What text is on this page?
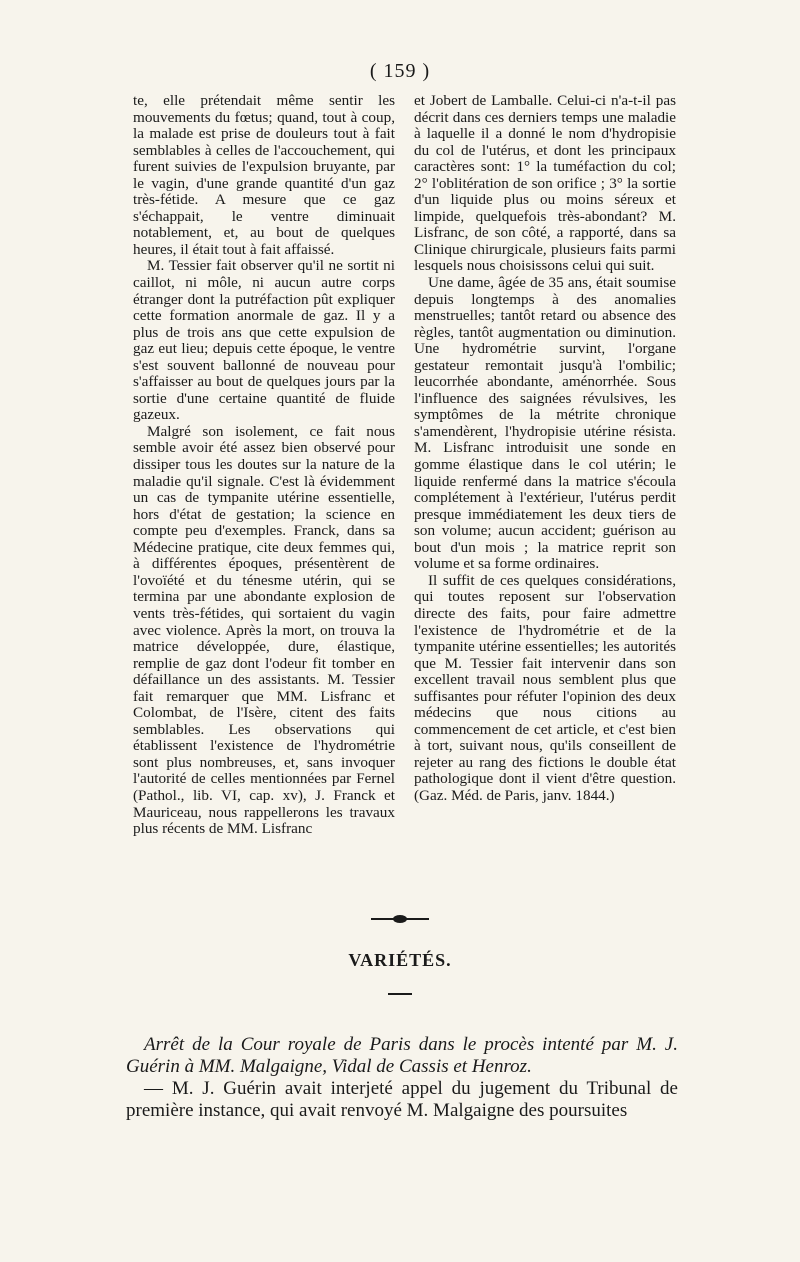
( 159 )

te, elle prétendait même sentir les mouvements du fœtus; quand, tout à coup, la malade est prise de douleurs tout à fait semblables à celles de l'accouchement, qui furent suivies de l'expulsion bruyante, par le vagin, d'une grande quantité d'un gaz très-fétide. A mesure que ce gaz s'échappait, le ventre diminuait notablement, et, au bout de quelques heures, il était tout à fait affaissé.

M. Tessier fait observer qu'il ne sortit ni caillot, ni môle, ni aucun autre corps étranger dont la putréfaction pût expliquer cette formation anormale de gaz. Il y a plus de trois ans que cette expulsion de gaz eut lieu; depuis cette époque, le ventre s'est souvent ballonné de nouveau pour s'affaisser au bout de quelques jours par la sortie d'une certaine quantité de fluide gazeux.

Malgré son isolement, ce fait nous semble avoir été assez bien observé pour dissiper tous les doutes sur la nature de la maladie qu'il signale. C'est là évidemment un cas de tympanite utérine essentielle, hors d'état de gestation; la science en compte peu d'exemples. Franck, dans sa Médecine pratique, cite deux femmes qui, à différentes époques, présentèrent de l'ovoïété et du ténesme utérin, qui se termina par une abondante explosion de vents très-fétides, qui sortaient du vagin avec violence. Après la mort, on trouva la matrice développée, dure, élastique, remplie de gaz dont l'odeur fit tomber en défaillance un des assistants. M. Tessier fait remarquer que MM. Lisfranc et Colombat, de l'Isère, citent des faits semblables. Les observations qui établissent l'existence de l'hydrométrie sont plus nombreuses, et, sans invoquer l'autorité de celles mentionnées par Fernel (Pathol., lib. VI, cap. xv), J. Franck et Mauriceau, nous rappellerons les travaux plus récents de MM. Lisfranc

et Jobert de Lamballe. Celui-ci n'a-t-il pas décrit dans ces derniers temps une maladie à laquelle il a donné le nom d'hydropisie du col de l'utérus, et dont les principaux caractères sont: 1° la tuméfaction du col; 2° l'oblitération de son orifice ; 3° la sortie d'un liquide plus ou moins séreux et limpide, quelquefois très-abondant? M. Lisfranc, de son côté, a rapporté, dans sa Clinique chirurgicale, plusieurs faits parmi lesquels nous choisissons celui qui suit.

Une dame, âgée de 35 ans, était soumise depuis longtemps à des anomalies menstruelles; tantôt retard ou absence des règles, tantôt augmentation ou diminution. Une hydrométrie survint, l'organe gestateur remontait jusqu'à l'ombilic; leucorrhée abondante, aménorrhée. Sous l'influence des saignées révulsives, les symptômes de la métrite chronique s'amendèrent, l'hydropisie utérine résista. M. Lisfranc introduisit une sonde en gomme élastique dans le col utérin; le liquide renfermé dans la matrice s'écoula complétement à l'extérieur, l'utérus perdit presque immédiatement les deux tiers de son volume; aucun accident; guérison au bout d'un mois ; la matrice reprit son volume et sa forme ordinaires.

Il suffit de ces quelques considérations, qui toutes reposent sur l'observation directe des faits, pour faire admettre l'existence de l'hydrométrie et de la tympanite utérine essentielles; les autorités que M. Tessier fait intervenir dans son excellent travail nous semblent plus que suffisantes pour réfuter l'opinion des deux médecins que nous citions au commencement de cet article, et c'est bien à tort, suivant nous, qu'ils conseillent de rejeter au rang des fictions le double état pathologique dont il vient d'être question. (Gaz. Méd. de Paris, janv. 1844.)

VARIÉTÉS.

Arrêt de la Cour royale de Paris dans le procès intenté par M. J. Guérin à MM. Malgaigne, Vidal de Cassis et Henroz.

— M. J. Guérin avait interjeté appel du jugement du Tribunal de première instance, qui avait renvoyé M. Malgaigne des poursuites
